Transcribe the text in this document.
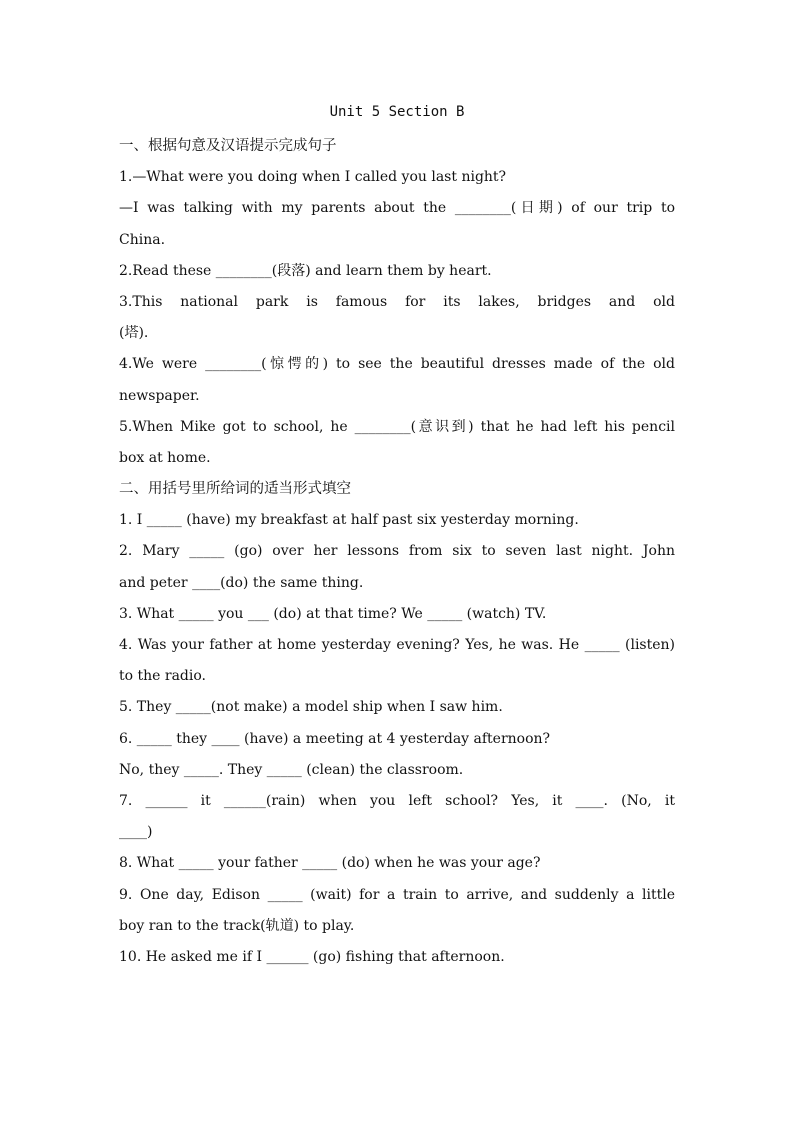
Unit 5 Section B
一、根据句意及汉语提示完成句子
1.—What were you doing when I called you last night?
—I was talking with my parents about the ________(日期) of our trip to
China.
2.Read these ________(段落) and learn them by heart.
3.This national park is famous for its lakes, bridges and old
(塔).
4.We were ________(惊愕的) to see the beautiful dresses made of the old
newspaper.
5.When Mike got to school, he ________(意识到) that he had left his pencil
box at home.
二、用括号里所给词的适当形式填空
1. I _____ (have) my breakfast at half past six yesterday morning.
2. Mary _____ (go) over her lessons from six to seven last night. John
and peter ____(do) the same thing.
3. What _____ you ___ (do) at that time? We _____ (watch) TV.
4. Was your father at home yesterday evening? Yes, he was. He _____ (listen)
to the radio.
5. They _____(not make) a model ship when I saw him.
6. _____ they ____ (have) a meeting at 4 yesterday afternoon?
No, they _____. They _____ (clean) the classroom.
7. ______ it ______(rain) when you left school? Yes, it ____. (No, it
____)
8. What _____ your father _____ (do) when he was your age?
9. One day, Edison _____ (wait) for a train to arrive, and suddenly a little
boy ran to the track(轨道) to play.
10. He asked me if I ______ (go) fishing that afternoon.
